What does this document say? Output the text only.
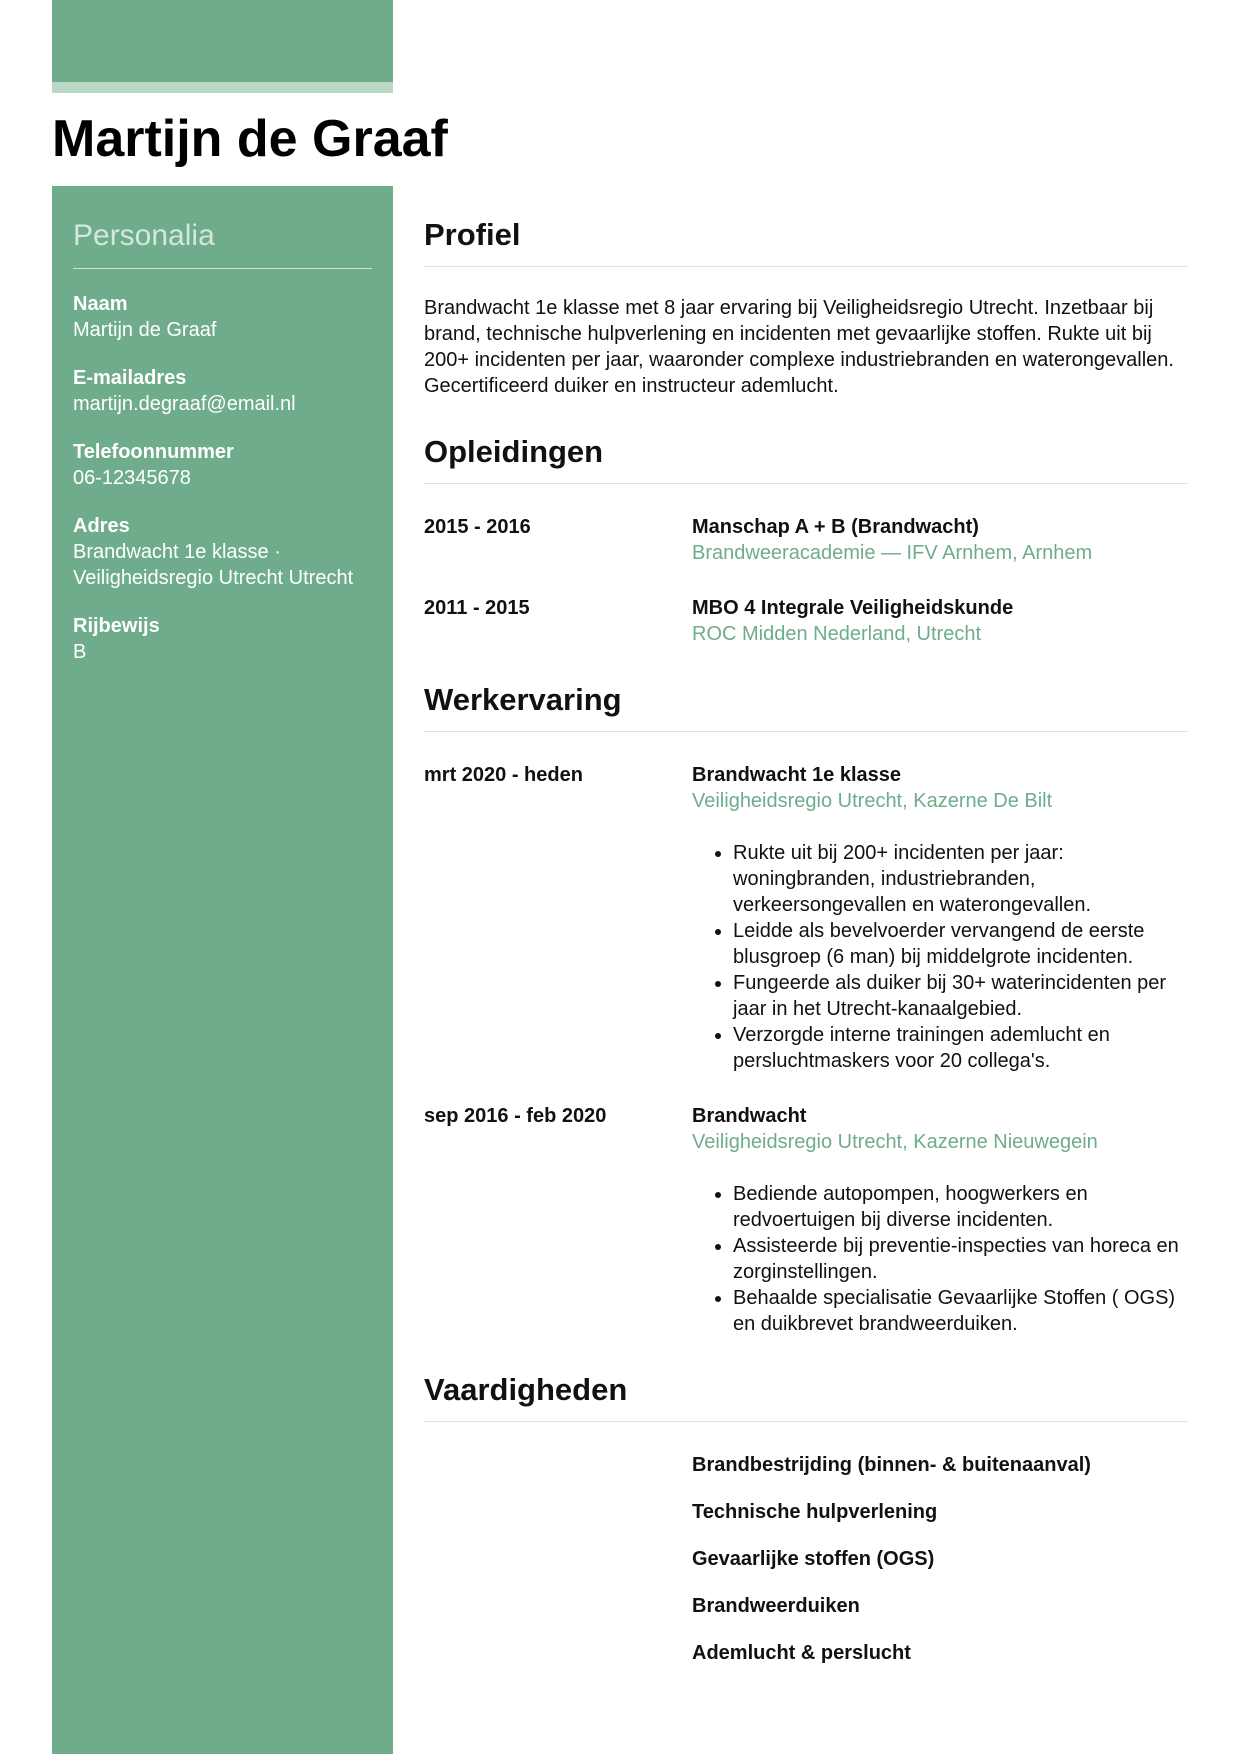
Martijn de Graaf
Personalia
Naam
Martijn de Graaf
E-mailadres
martijn.degraaf@email.nl
Telefoonnummer
06-12345678
Adres
Brandwacht 1e klasse · Veiligheidsregio Utrecht Utrecht
Rijbewijs
B
Profiel

Brandwacht 1e klasse met 8 jaar ervaring bij Veiligheidsregio Utrecht. Inzetbaar bij brand, technische hulpverlening en incidenten met gevaarlijke stoffen. Rukte uit bij 200+ incidenten per jaar, waaronder complexe industriebranden en waterongevallen. Gecertificeerd duiker en instructeur ademlucht.

Opleidingen
2015 - 2016	Manschap A + B (Brandwacht)
Brandweeracademie — IFV Arnhem, Arnhem
2011 - 2015	MBO 4 Integrale Veiligheidskunde
ROC Midden Nederland, Utrecht
Werkervaring
mrt 2020 - heden	Brandwacht 1e klasse
Veiligheidsregio Utrecht, Kazerne De Bilt
• Rukte uit bij 200+ incidenten per jaar: woningbranden, industriebranden, verkeersongevallen en waterongevallen.
• Leidde als bevelvoerder vervangend de eerste blusgroep (6 man) bij middelgrote incidenten.
• Fungeerde als duiker bij 30+ waterincidenten per jaar in het Utrecht-kanaalgebied.
• Verzorgde interne trainingen ademlucht en persluchtmaskers voor 20 collega's.
sep 2016 - feb 2020	Brandwacht
Veiligheidsregio Utrecht, Kazerne Nieuwegein
• Bediende autopompen, hoogwerkers en redvoertuigen bij diverse incidenten.
• Assisteerde bij preventie-inspecties van horeca en zorginstellingen.
• Behaalde specialisatie Gevaarlijke Stoffen ( OGS) en duikbrevet brandweerduiken.
Vaardigheden
Brandbestrijding (binnen- & buitenaanval)
Technische hulpverlening
Gevaarlijke stoffen (OGS)
Brandweerduiken
Ademlucht & perslucht
